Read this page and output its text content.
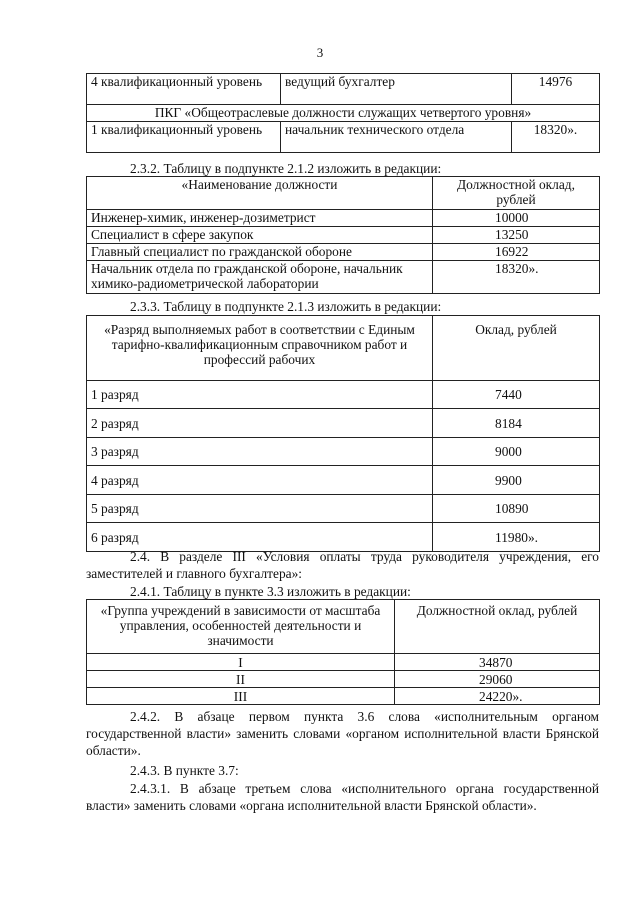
3
4 квалификационный уровень	ведущий бухгалтер	14976
ПКГ «Общеотраслевые должности служащих четвертого уровня»		
1 квалификационный уровень	начальник технического отдела	18320».

2.3.2. Таблицу в подпункте 2.1.2 изложить в редакции:

«Наименование должности	Должностной оклад, рублей
Инженер-химик, инженер-дозиметрист	10000
Специалист в сфере закупок	13250
Главный специалист по гражданской обороне	16922
Начальник отдела по гражданской обороне, начальник химико-радиометрической лаборатории	18320».

2.3.3. Таблицу в подпункте 2.1.3 изложить в редакции:

«Разряд выполняемых работ в соответствии с Единым тарифно-квалификационным справочником работ и профессий рабочих	Оклад, рублей
1 разряд	7440
2 разряд	8184
3 разряд	9000
4 разряд	9900
5 разряд	10890
6 разряд	11980».

2.4. В разделе III «Условия оплаты труда руководителя учреждения, его заместителей и главного бухгалтера»:

2.4.1. Таблицу в пункте 3.3 изложить в редакции:

«Группа учреждений в зависимости от масштаба управления, особенностей деятельности и значимости	Должностной оклад, рублей
I	34870
II	29060
III	24220».

2.4.2. В абзаце первом пункта 3.6 слова «исполнительным органом государственной власти» заменить словами «органом исполнительной власти Брянской области».

2.4.3. В пункте 3.7:

2.4.3.1. В абзаце третьем слова «исполнительного органа государственной власти» заменить словами «органа исполнительной власти Брянской области».
